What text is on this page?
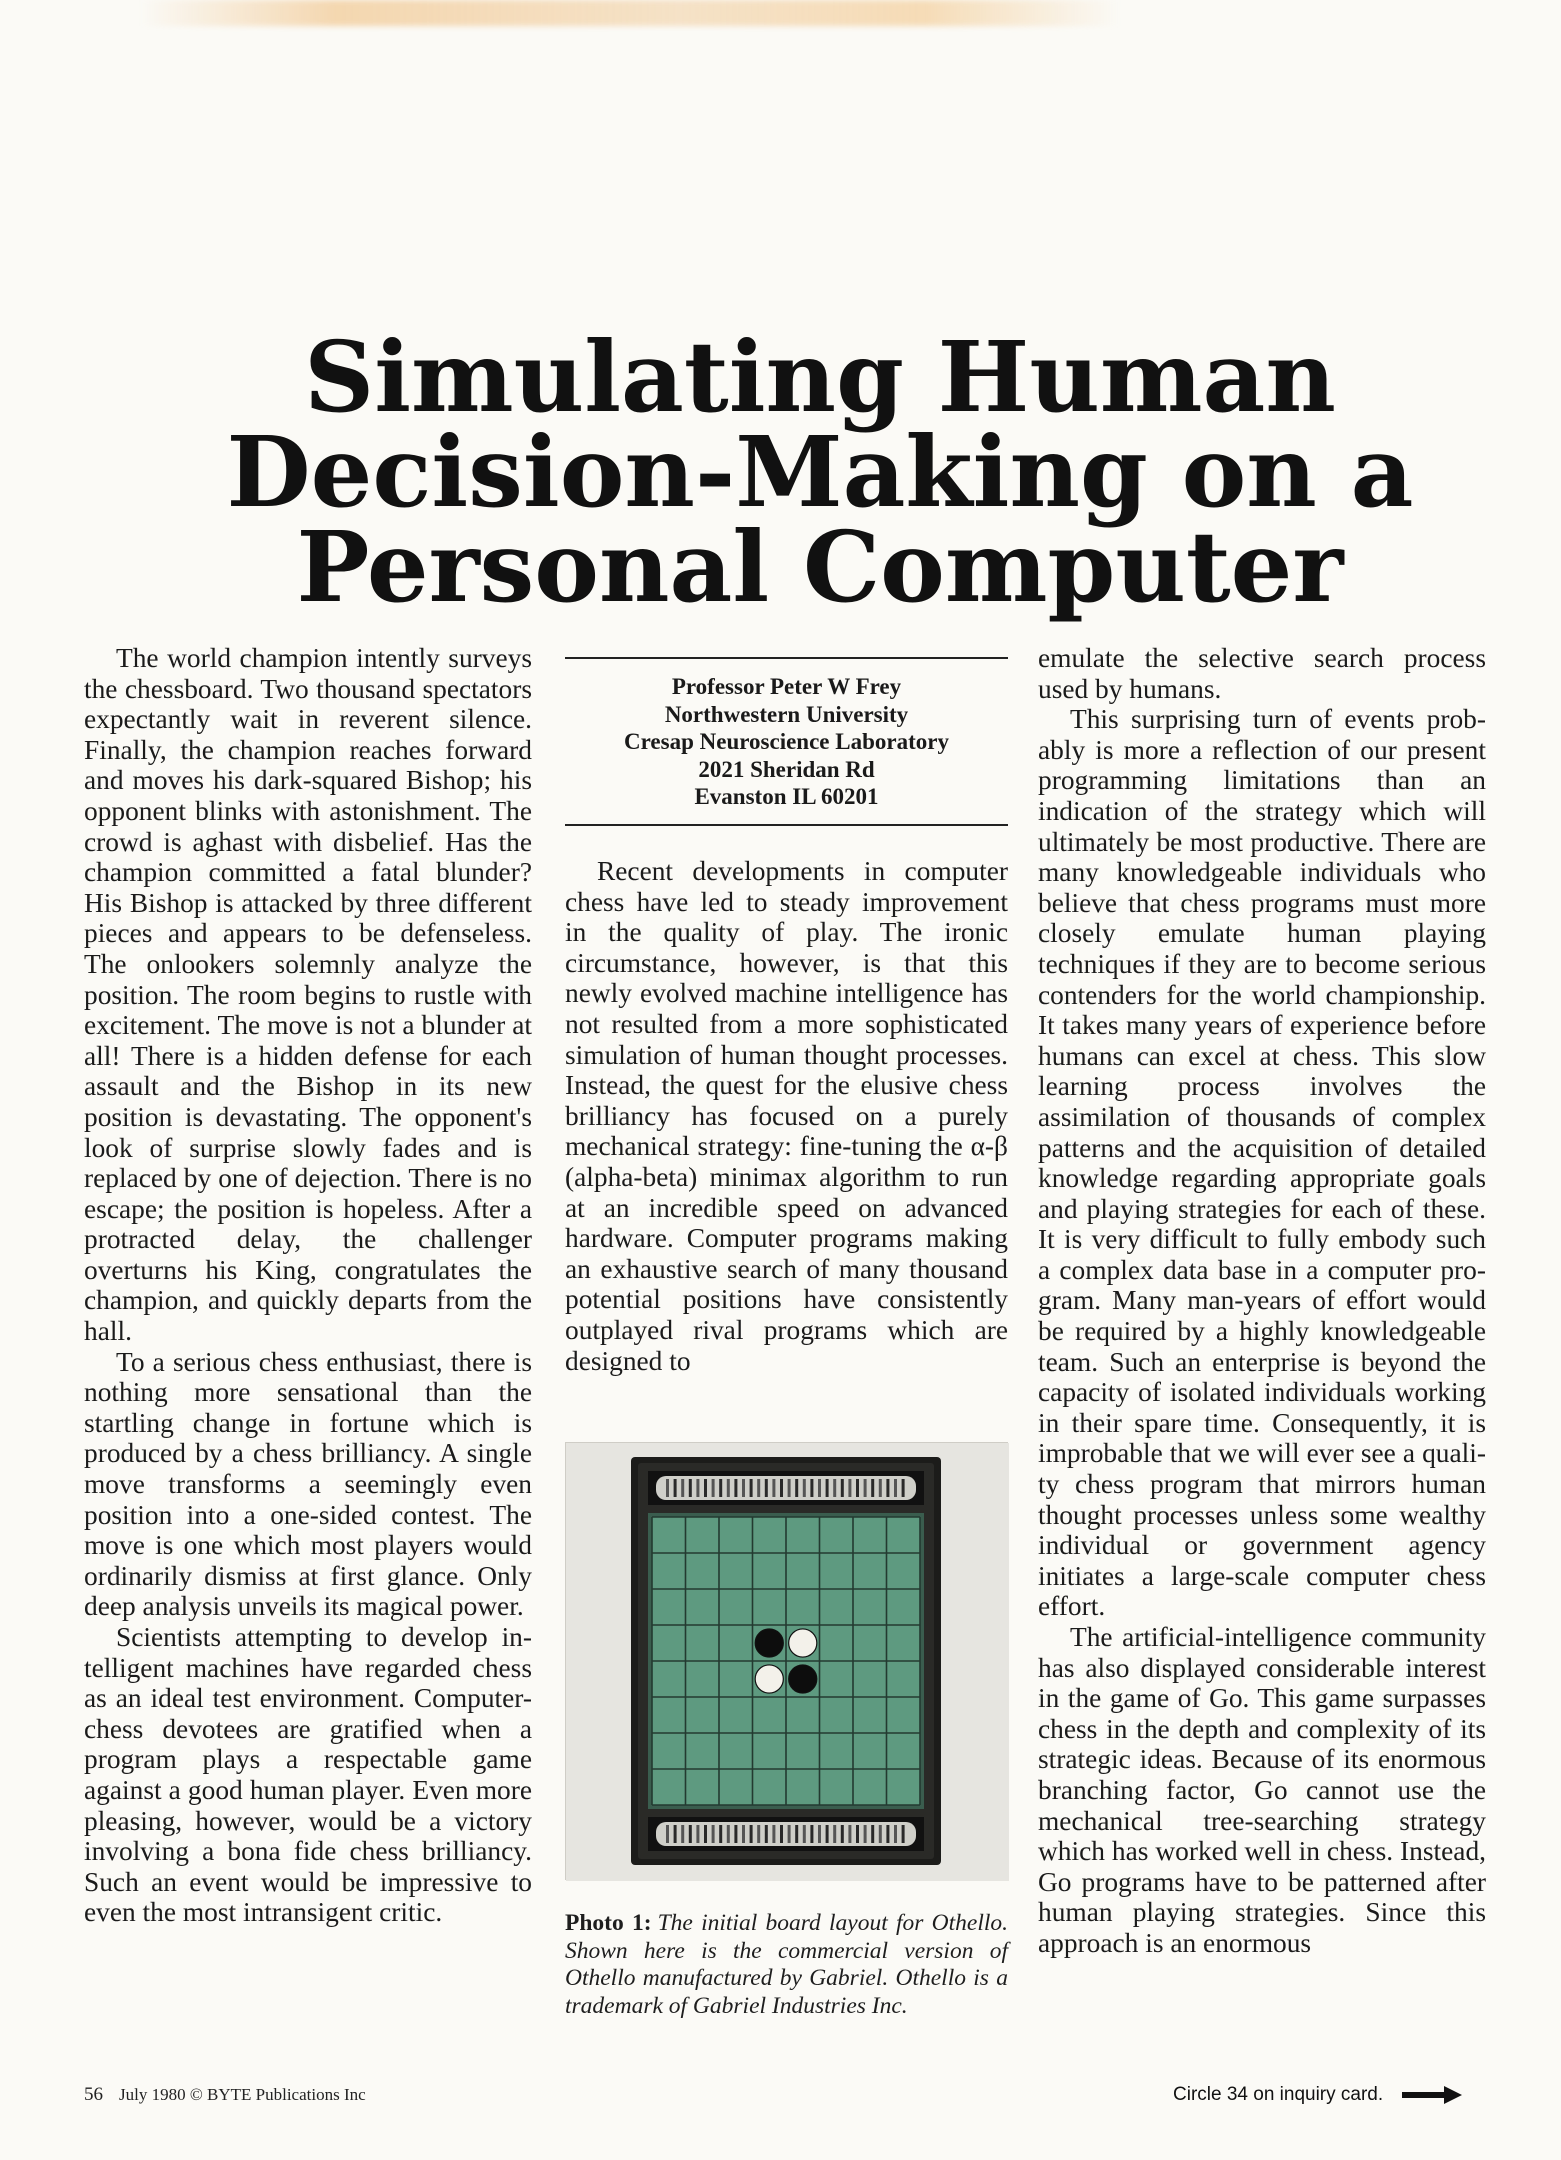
Simulating Human
Decision-Making on a
Personal Computer

The world champion intently surveys the chessboard. Two thousand spectators expectantly wait in reverent silence. Finally, the champion reaches forward and moves his dark-squared Bishop; his opponent blinks with astonishment. The crowd is aghast with disbelief. Has the champion committed a fatal blunder? His Bishop is attacked by three different pieces and appears to be defenseless. The onlookers solemnly analyze the position. The room begins to rustle with excitement. The move is not a blunder at all! There is a hidden defense for each assault and the Bishop in its new position is devastating. The opponent's look of surprise slowly fades and is replaced by one of dejection. There is no escape; the position is hopeless. After a protracted delay, the challenger overturns his King, congratulates the champion, and quickly departs from the hall.

To a serious chess enthusiast, there is nothing more sensational than the startling change in fortune which is produced by a chess brilliancy. A single move transforms a seemingly even position into a one-sided contest. The move is one which most players would ordinarily dismiss at first glance. Only deep analysis unveils its magical power.

Scientists attempting to develop intelligent machines have regarded chess as an ideal test environment. Computer-chess devotees are gratified when a program plays a respectable game against a good human player. Even more pleasing, however, would be a victory involving a bona fide chess brilliancy. Such an event would be impressive to even the most intransigent critic.

Professor Peter W Frey
Northwestern University
Cresap Neuroscience Laboratory
2021 Sheridan Rd
Evanston IL 60201

Recent developments in computer chess have led to steady improvement in the quality of play. The ironic circumstance, however, is that this newly evolved machine intelligence has not resulted from a more sophisticated simulation of human thought processes. Instead, the quest for the elusive chess brilliancy has focused on a purely mechanical strategy: fine-tuning the α-β (alpha-beta) minimax algorithm to run at an incredible speed on advanced hardware. Computer programs making an exhaustive search of many thousand potential positions have consistently outplayed rival programs which are designed to

Photo 1: The initial board layout for Othello. Shown here is the commercial version of Othello manufactured by Gabriel. Othello is a trademark of Gabriel Industries Inc.

emulate the selective search process used by humans.

This surprising turn of events probably is more a reflection of our present programming limitations than an indication of the strategy which will ultimately be most productive. There are many knowledgeable individuals who believe that chess programs must more closely emulate human playing techniques if they are to become serious contenders for the world championship. It takes many years of experience before humans can excel at chess. This slow learning process involves the assimilation of thousands of complex patterns and the acquisition of detailed knowledge regarding appropriate goals and playing strategies for each of these. It is very difficult to fully embody such a complex data base in a computer program. Many man-years of effort would be required by a highly knowledgeable team. Such an enterprise is beyond the capacity of isolated individuals working in their spare time. Consequently, it is improbable that we will ever see a quality chess program that mirrors human thought processes unless some wealthy individual or government agency initiates a large-scale computer chess effort.

The artificial-intelligence community has also displayed considerable interest in the game of Go. This game surpasses chess in the depth and complexity of its strategic ideas. Because of its enormous branching factor, Go cannot use the mechanical tree-searching strategy which has worked well in chess. Instead, Go programs have to be patterned after human playing strategies. Since this approach is an enormous

56 July 1980 © BYTE Publications Inc	Circle 34 on inquiry card.
